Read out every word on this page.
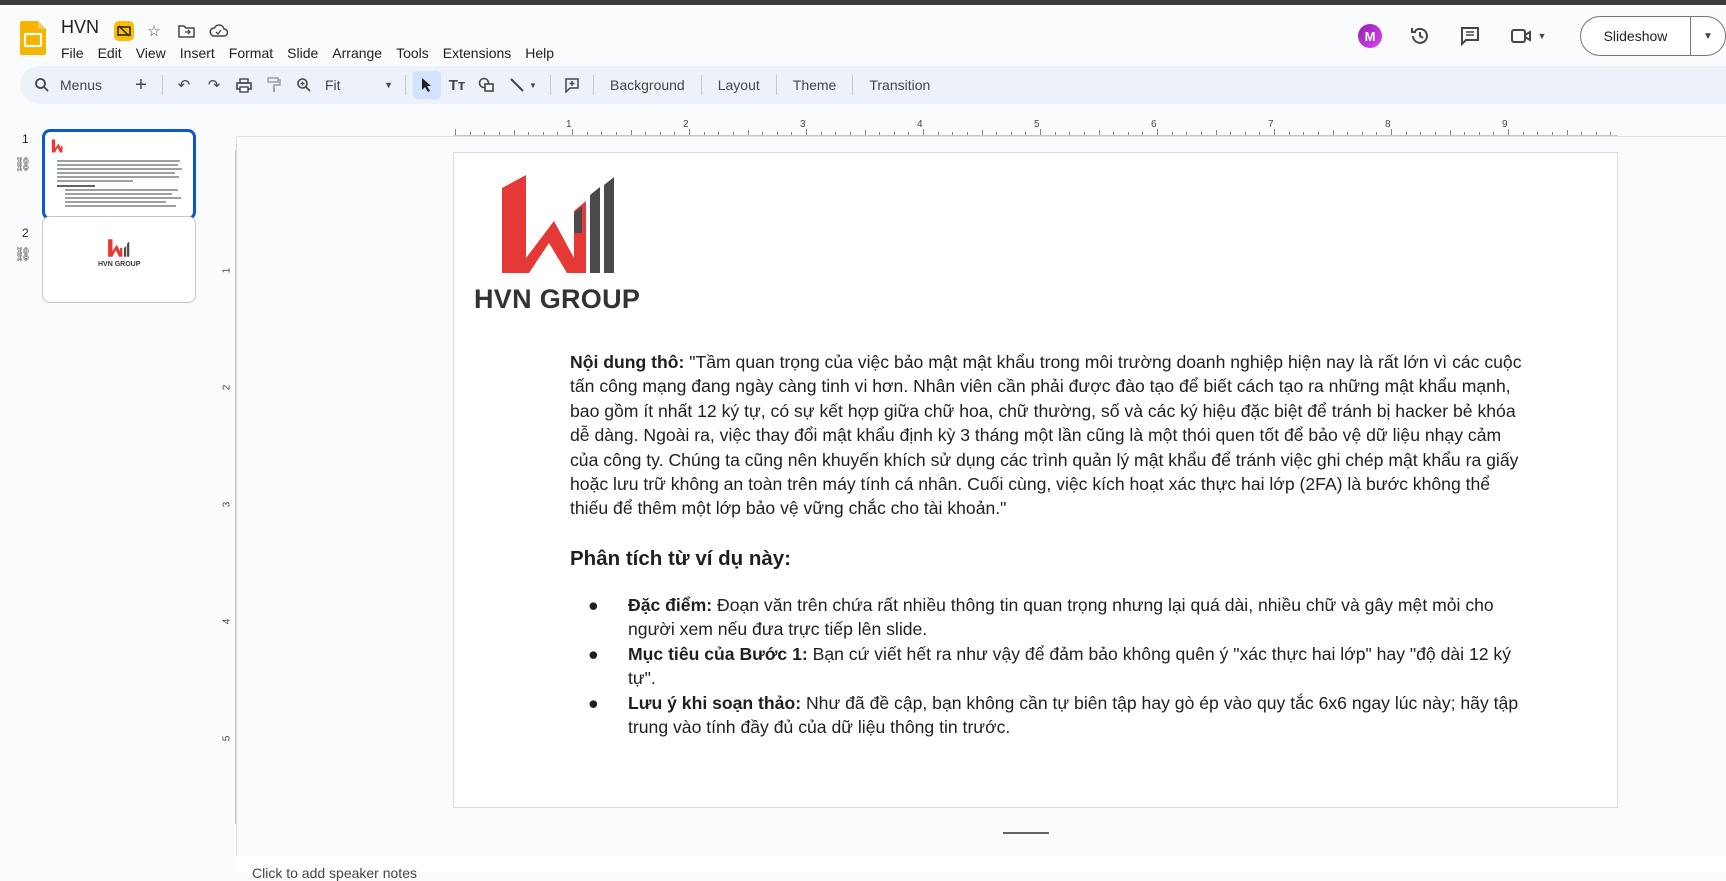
HVN	☆
File	Edit	View	Insert	Format	Slide	Arrange	Tools	Extensions	Help
M	▼	Slideshow	▼
Menus + ↶ ↷	Fit	▼	Tт	▼	Background	Layout	Theme	Transition
1
⛓
2
⛓
HVN GROUP
1	2	3	4	5	6	7	8	9
1
2
3
4
5
HVN GROUP
Nội dung thô: "Tầm quan trọng của việc bảo mật mật khẩu trong môi trường doanh nghiệp hiện nay là rất lớn vì các cuộc tấn công mạng đang ngày càng tinh vi hơn. Nhân viên cần phải được đào tạo để biết cách tạo ra những mật khẩu mạnh, bao gồm ít nhất 12 ký tự, có sự kết hợp giữa chữ hoa, chữ thường, số và các ký hiệu đặc biệt để tránh bị hacker bẻ khóa dễ dàng. Ngoài ra, việc thay đổi mật khẩu định kỳ 3 tháng một lần cũng là một thói quen tốt để bảo vệ dữ liệu nhạy cảm của công ty. Chúng ta cũng nên khuyến khích sử dụng các trình quản lý mật khẩu để tránh việc ghi chép mật khẩu ra giấy hoặc lưu trữ không an toàn trên máy tính cá nhân. Cuối cùng, việc kích hoạt xác thực hai lớp (2FA) là bước không thể thiếu để thêm một lớp bảo vệ vững chắc cho tài khoản."
Phân tích từ ví dụ này:
● Đặc điểm: Đoạn văn trên chứa rất nhiều thông tin quan trọng nhưng lại quá dài, nhiều chữ và gây mệt mỏi cho người xem nếu đưa trực tiếp lên slide.
● Mục tiêu của Bước 1: Bạn cứ viết hết ra như vậy để đảm bảo không quên ý "xác thực hai lớp" hay "độ dài 12 ký tự".
● Lưu ý khi soạn thảo: Như đã đề cập, bạn không cần tự biên tập hay gò ép vào quy tắc 6x6 ngay lúc này; hãy tập trung vào tính đầy đủ của dữ liệu thông tin trước.
Click to add speaker notes
